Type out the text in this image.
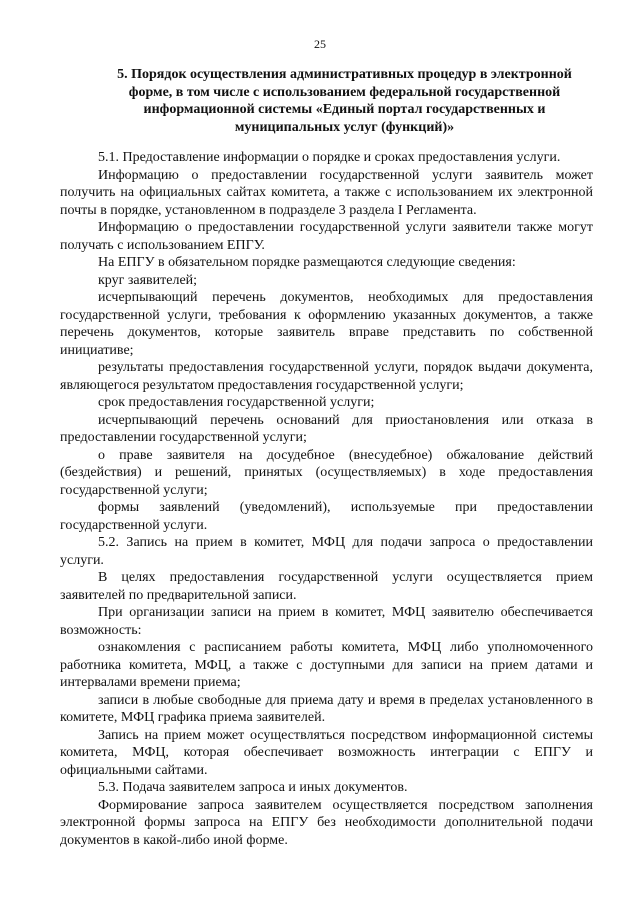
25
5. Порядок осуществления административных процедур в электронной форме, в том числе с использованием федеральной государственной информационной системы «Единый портал государственных и муниципальных услуг (функций)»

5.1. Предоставление информации о порядке и сроках предоставления услуги.

Информацию о предоставлении государственной услуги заявитель может получить на официальных сайтах комитета, а также с использованием их электронной почты в порядке, установленном в подразделе 3 раздела I Регламента.

Информацию о предоставлении государственной услуги заявители также могут получать с использованием ЕПГУ.

На ЕПГУ в обязательном порядке размещаются следующие сведения:

круг заявителей;

исчерпывающий перечень документов, необходимых для предоставления государственной услуги, требования к оформлению указанных документов, а также перечень документов, которые заявитель вправе представить по собственной инициативе;

результаты предоставления государственной услуги, порядок выдачи документа, являющегося результатом предоставления государственной услуги;

срок предоставления государственной услуги;

исчерпывающий перечень оснований для приостановления или отказа в предоставлении государственной услуги;

о праве заявителя на досудебное (внесудебное) обжалование действий (бездействия) и решений, принятых (осуществляемых) в ходе предоставления государственной услуги;

формы заявлений (уведомлений), используемые при предоставлении государственной услуги.

5.2. Запись на прием в комитет, МФЦ для подачи запроса о предоставлении услуги.

В целях предоставления государственной услуги осуществляется прием заявителей по предварительной записи.

При организации записи на прием в комитет, МФЦ заявителю обеспечивается возможность:

ознакомления с расписанием работы комитета, МФЦ либо уполномоченного работника комитета, МФЦ, а также с доступными для записи на прием датами и интервалами времени приема;

записи в любые свободные для приема дату и время в пределах установленного в комитете, МФЦ графика приема заявителей.

Запись на прием может осуществляться посредством информационной системы комитета, МФЦ, которая обеспечивает возможность интеграции с ЕПГУ и официальными сайтами.

5.3. Подача заявителем запроса и иных документов.

Формирование запроса заявителем осуществляется посредством заполнения электронной формы запроса на ЕПГУ без необходимости дополнительной подачи документов в какой-либо иной форме.
